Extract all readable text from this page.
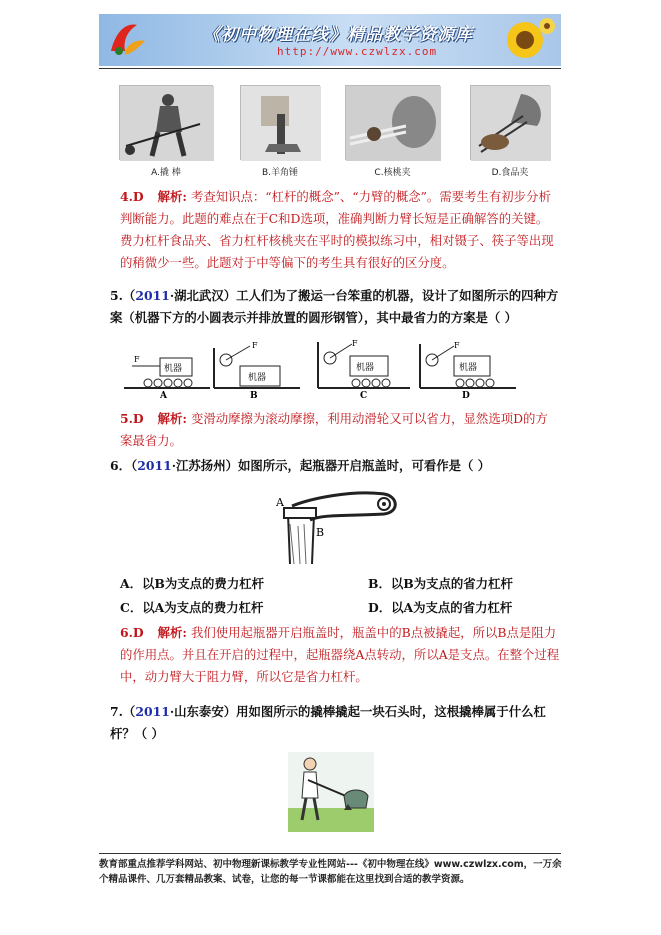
《初中物理在线》精品教学资源库
http://www.czwlzx.com
A.撬 棒	B.羊角锤	C.核桃夹	D.食品夹
4.D 解析: 考查知识点：“杠杆的概念”、“力臂的概念”。需要考生有初步分析判断能力。此题的难点在于C和D选项，准确判断力臂长短是正确解答的关键。费力杠杆食品夹、省力杠杆核桃夹在平时的模拟练习中，相对镊子、筷子等出现的稍微少一些。此题对于中等偏下的考生具有很好的区分度。
5.（2011·湖北武汉）工人们为了搬运一台笨重的机器，设计了如图所示的四种方案（机器下方的小圆表示并排放置的圆形钢管），其中最省力的方案是（ ）
机器
F
机器
F
B
机器
F
C
机器
F
D
A
5.D 解析: 变滑动摩擦为滚动摩擦，利用动滑轮又可以省力，显然选项D的方案最省力。
6．（2011·江苏扬州）如图所示，起瓶器开启瓶盖时，可看作是（ ）
A
B
A．以B为支点的费力杠杆	B．以B为支点的省力杠杆
C．以A为支点的费力杠杆	D．以A为支点的省力杠杆
6.D 解析: 我们使用起瓶器开启瓶盖时，瓶盖中的B点被撬起，所以B点是阻力的作用点。并且在开启的过程中，起瓶器绕A点转动，所以A是支点。在整个过程中，动力臂大于阻力臂，所以它是省力杠杆。
7.（2011·山东泰安）用如图所示的撬棒撬起一块石头时，这根撬棒属于什么杠杆？（ ）
教育部重点推荐学科网站、初中物理新课标教学专业性网站---《初中物理在线》www.czwlzx.com，一万余个精品课件、几万套精品教案、试卷，让您的每一节课都能在这里找到合适的教学资源。
